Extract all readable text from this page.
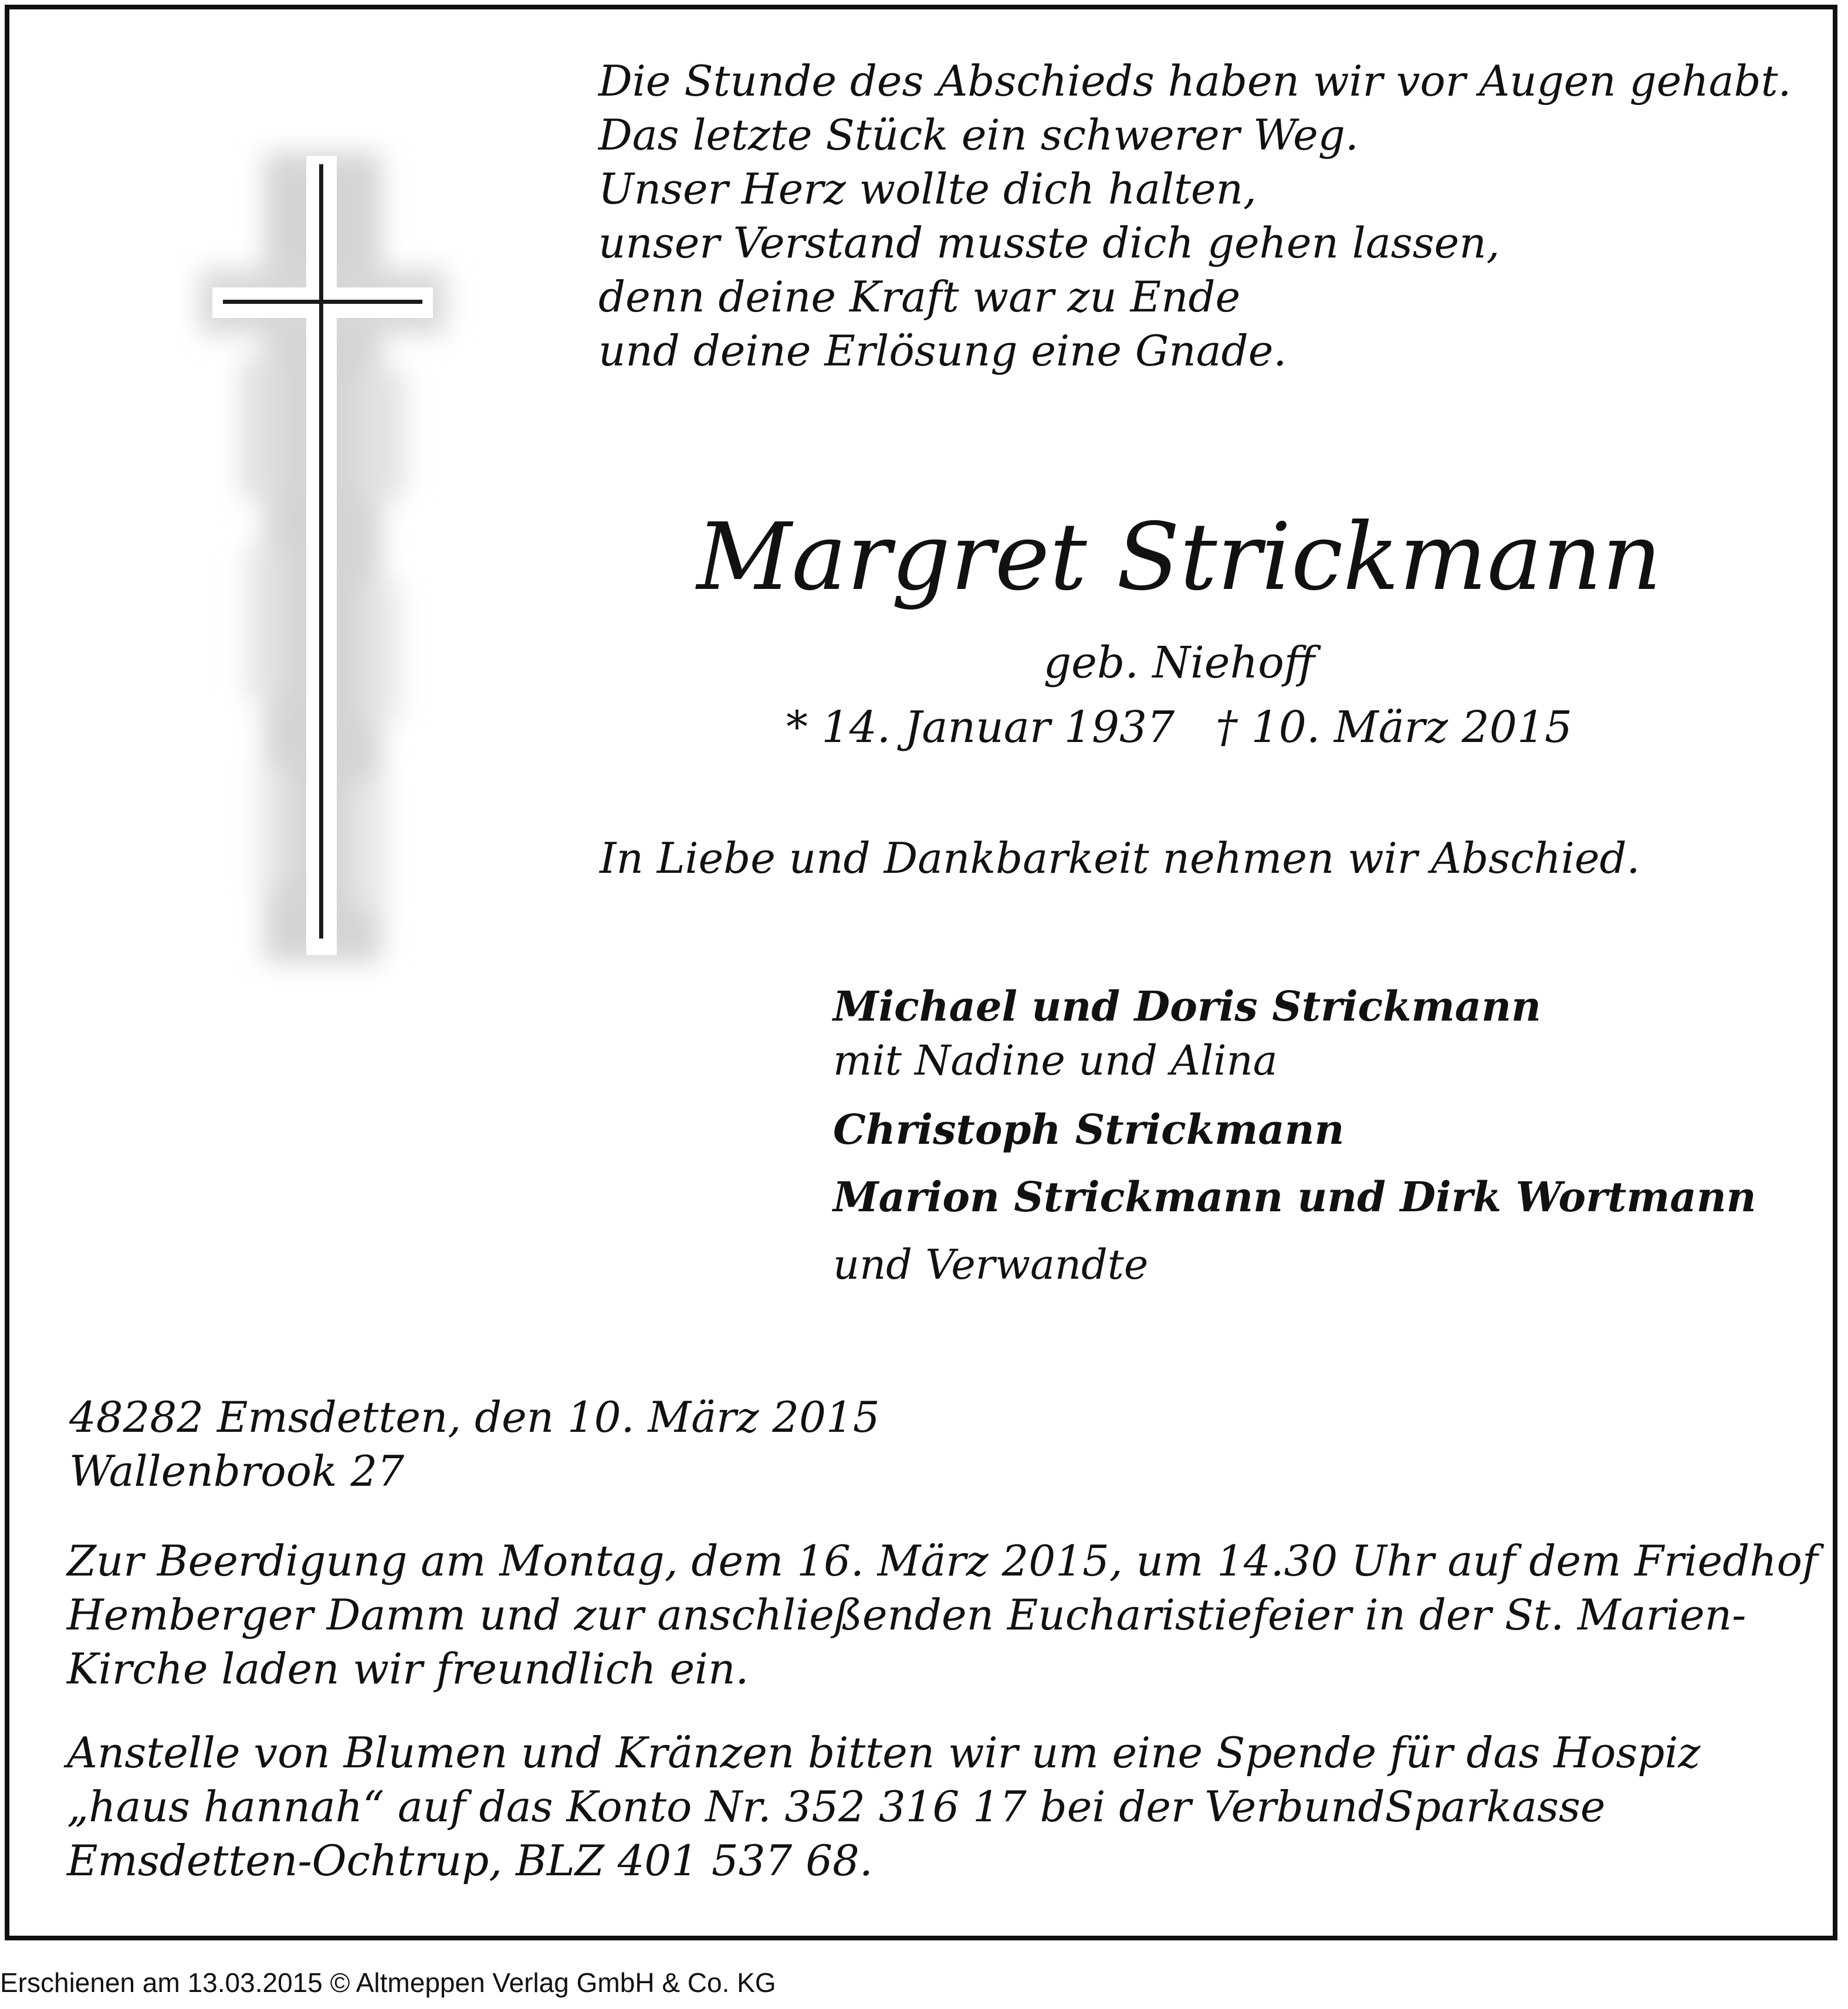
Die Stunde des Abschieds haben wir vor Augen gehabt.
Das letzte Stück ein schwerer Weg.
Unser Herz wollte dich halten,
unser Verstand musste dich gehen lassen,
denn deine Kraft war zu Ende
und deine Erlösung eine Gnade.
Margret Strickmann
geb. Niehoff
* 14. Januar 1937 † 10. März 2015
In Liebe und Dankbarkeit nehmen wir Abschied.
Michael und Doris Strickmann
mit Nadine und Alina
Christoph Strickmann
Marion Strickmann und Dirk Wortmann
und Verwandte
48282 Emsdetten, den 10. März 2015
Wallenbrook 27
Zur Beerdigung am Montag, dem 16. März 2015, um 14.30 Uhr auf dem Friedhof
Hemberger Damm und zur anschließenden Eucharistiefeier in der St. Marien-
Kirche laden wir freundlich ein.
Anstelle von Blumen und Kränzen bitten wir um eine Spende für das Hospiz
„haus hannah“ auf das Konto Nr. 352 316 17 bei der VerbundSparkasse
Emsdetten-Ochtrup, BLZ 401 537 68.
Erschienen am 13.03.2015 © Altmeppen Verlag GmbH & Co. KG
